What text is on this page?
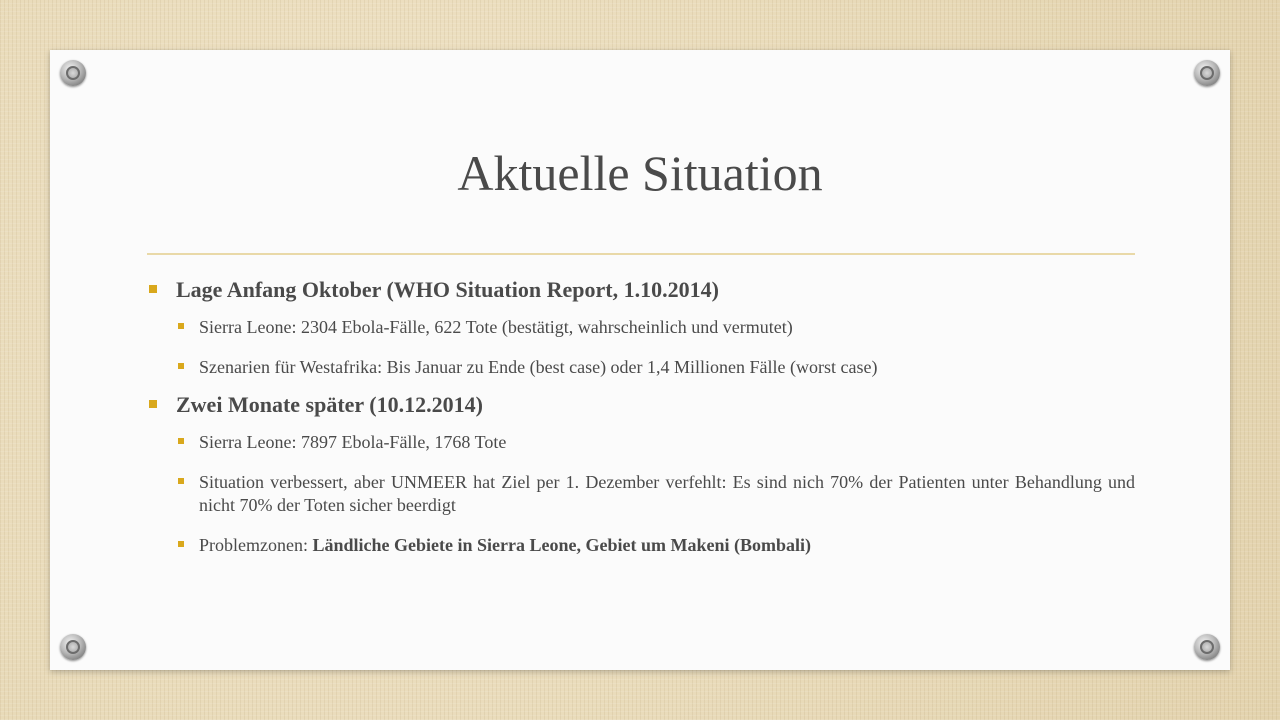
Aktuelle Situation

Lage Anfang Oktober (WHO Situation Report, 1.10.2014)

Sierra Leone: 2304 Ebola-Fälle, 622 Tote (bestätigt, wahrscheinlich und vermutet)

Szenarien für Westafrika: Bis Januar zu Ende (best case) oder 1,4 Millionen Fälle (worst case)

Zwei Monate später (10.12.2014)

Sierra Leone: 7897 Ebola-Fälle, 1768 Tote

Situation verbessert, aber UNMEER hat Ziel per 1. Dezember verfehlt: Es sind nich 70% der Patienten unter Behandlung und nicht 70% der Toten sicher beerdigt

Problemzonen: Ländliche Gebiete in Sierra Leone, Gebiet um Makeni (Bombali)
